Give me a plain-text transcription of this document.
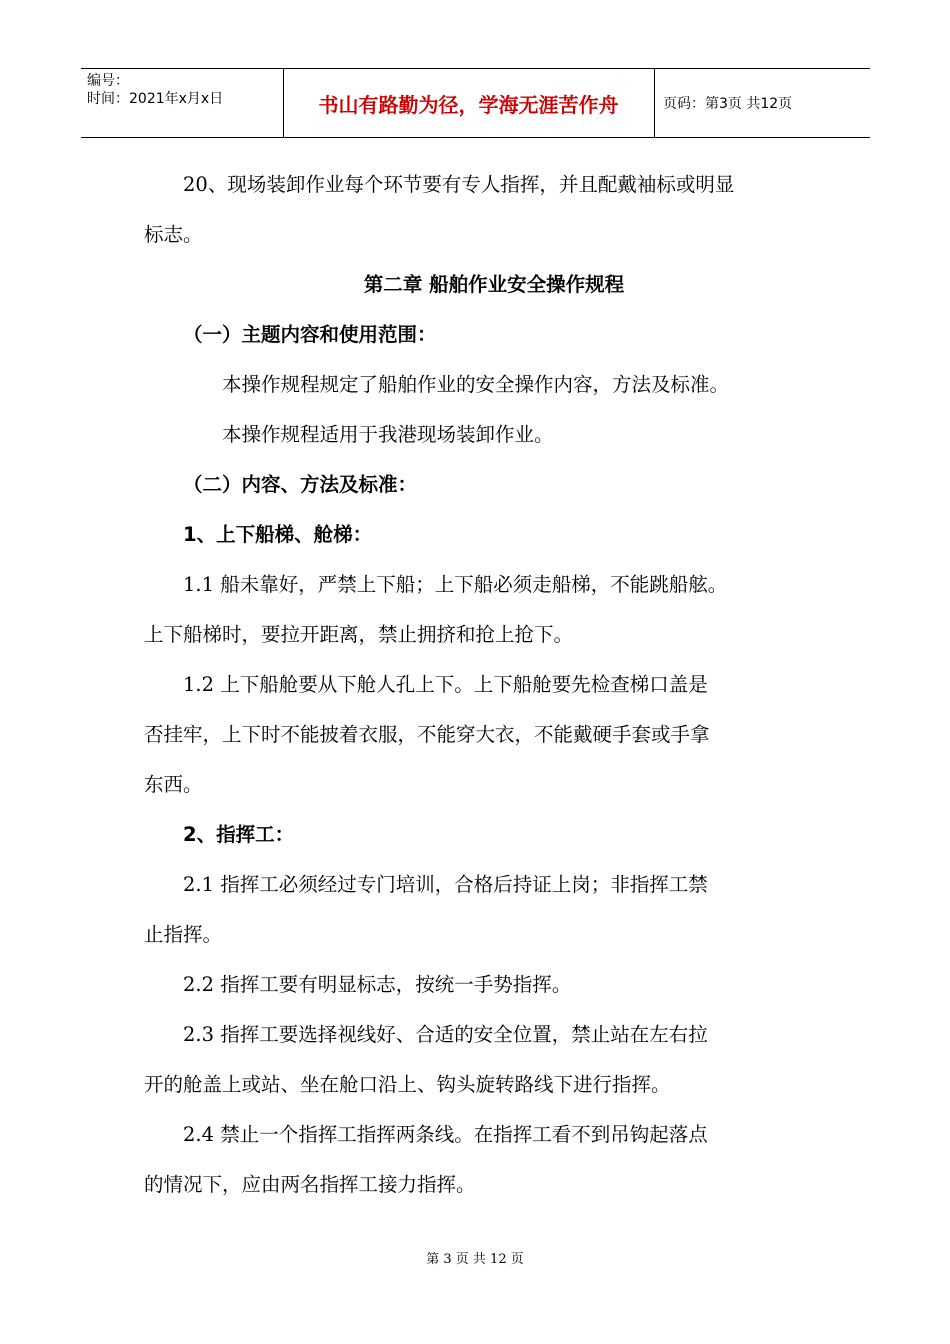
编号：
时间：2021年x月x日	书山有路勤为径，学海无涯苦作舟	页码：第3页 共12页

20、现场装卸作业每个环节要有专人指挥，并且配戴袖标或明显

标志。

第二章 船舶作业安全操作规程

（一）主题内容和使用范围：

本操作规程规定了船舶作业的安全操作内容，方法及标准。

本操作规程适用于我港现场装卸作业。

（二）内容、方法及标准：

1、上下船梯、舱梯：

1.1 船未靠好，严禁上下船；上下船必须走船梯，不能跳船舷。

上下船梯时，要拉开距离，禁止拥挤和抢上抢下。

1.2 上下船舱要从下舱人孔上下。上下船舱要先检查梯口盖是

否挂牢，上下时不能披着衣服，不能穿大衣，不能戴硬手套或手拿

东西。

2、指挥工：

2.1 指挥工必须经过专门培训，合格后持证上岗；非指挥工禁

止指挥。

2.2 指挥工要有明显标志，按统一手势指挥。

2.3 指挥工要选择视线好、合适的安全位置，禁止站在左右拉

开的舱盖上或站、坐在舱口沿上、钩头旋转路线下进行指挥。

2.4 禁止一个指挥工指挥两条线。在指挥工看不到吊钩起落点

的情况下，应由两名指挥工接力指挥。

第 3 页 共 12 页
